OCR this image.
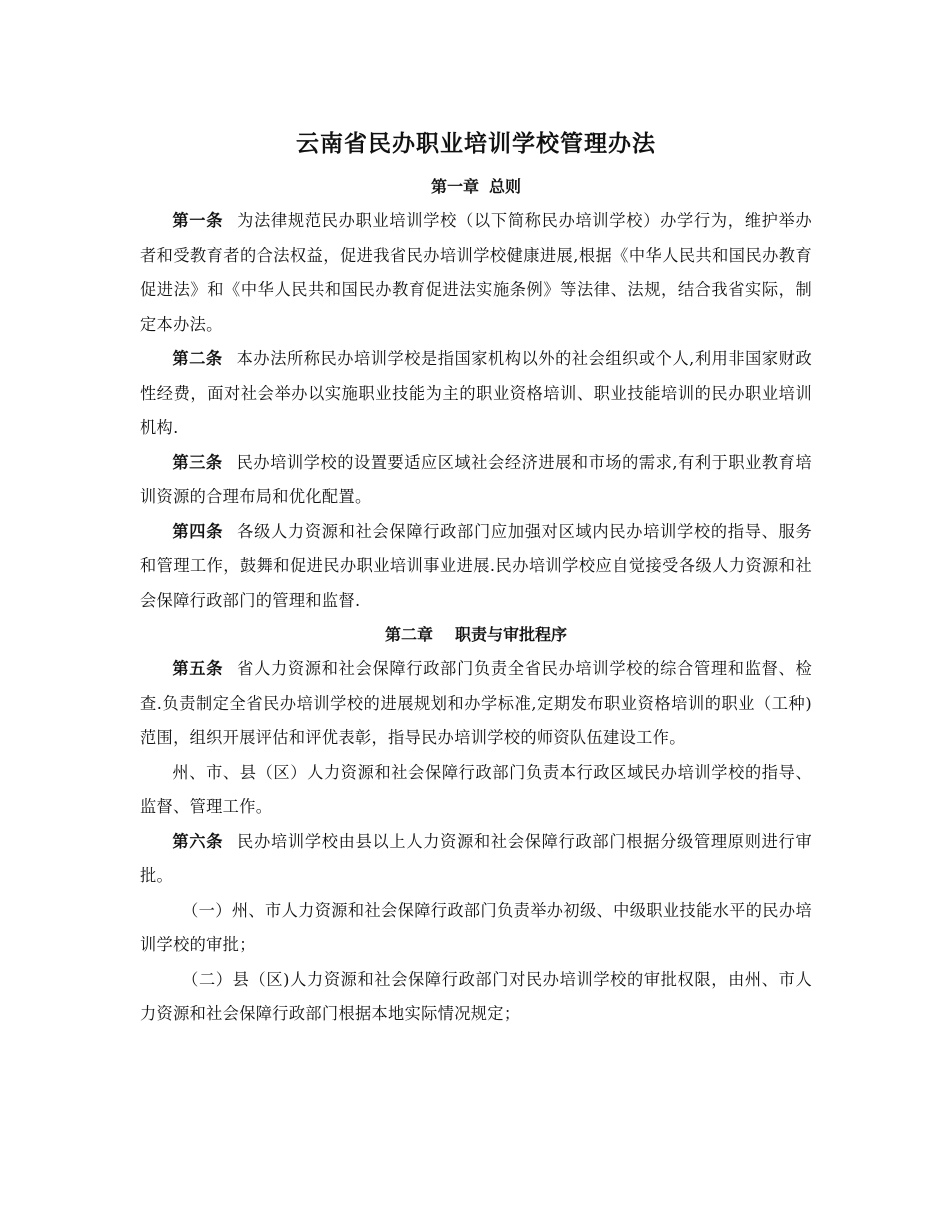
云南省民办职业培训学校管理办法
第一章 总则

第一条 为法律规范民办职业培训学校（以下简称民办培训学校）办学行为，维护举办者和受教育者的合法权益，促进我省民办培训学校健康进展,根据《中华人民共和国民办教育促进法》和《中华人民共和国民办教育促进法实施条例》等法律、法规，结合我省实际，制定本办法。

第二条 本办法所称民办培训学校是指国家机构以外的社会组织或个人,利用非国家财政性经费，面对社会举办以实施职业技能为主的职业资格培训、职业技能培训的民办职业培训机构.

第三条 民办培训学校的设置要适应区域社会经济进展和市场的需求,有利于职业教育培训资源的合理布局和优化配置。

第四条 各级人力资源和社会保障行政部门应加强对区域内民办培训学校的指导、服务和管理工作，鼓舞和促进民办职业培训事业进展.民办培训学校应自觉接受各级人力资源和社会保障行政部门的管理和监督.

第二章 职责与审批程序

第五条 省人力资源和社会保障行政部门负责全省民办培训学校的综合管理和监督、检查.负责制定全省民办培训学校的进展规划和办学标准,定期发布职业资格培训的职业（工种)范围，组织开展评估和评优表彰，指导民办培训学校的师资队伍建设工作。

州、市、县（区）人力资源和社会保障行政部门负责本行政区域民办培训学校的指导、监督、管理工作。

第六条 民办培训学校由县以上人力资源和社会保障行政部门根据分级管理原则进行审批。

（一）州、市人力资源和社会保障行政部门负责举办初级、中级职业技能水平的民办培训学校的审批；

（二）县（区)人力资源和社会保障行政部门对民办培训学校的审批权限，由州、市人力资源和社会保障行政部门根据本地实际情况规定；
